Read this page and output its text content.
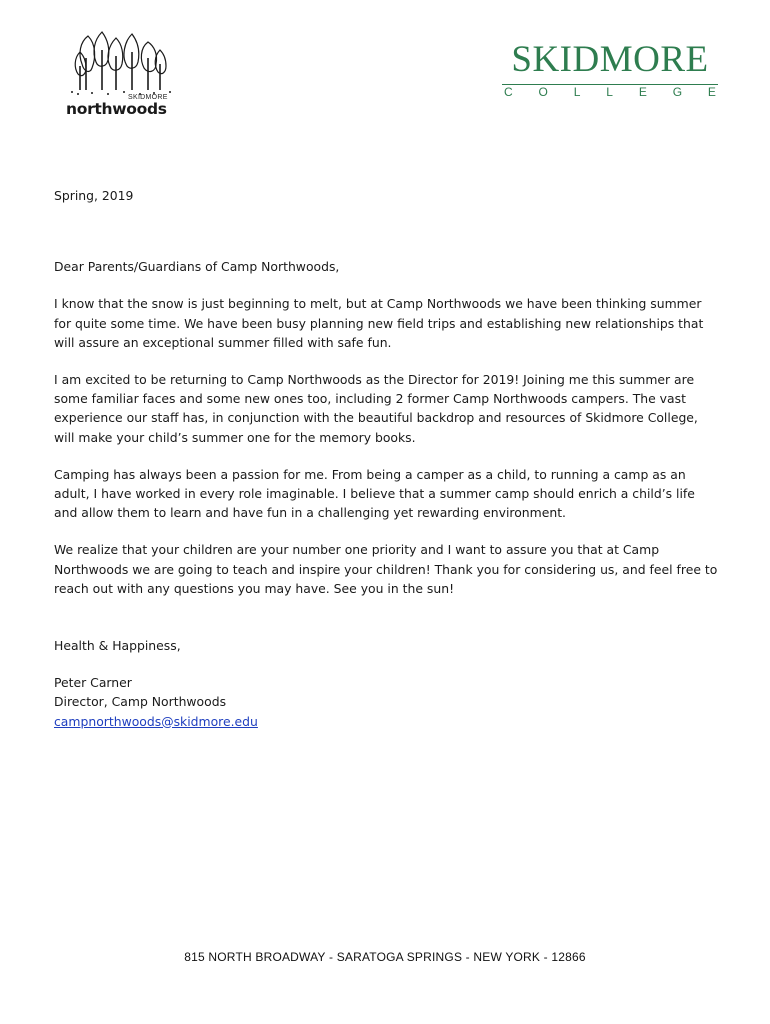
SKIDMORE
northwoods
SKIDMORE
C O L L E G E

Spring, 2019

Dear Parents/Guardians of Camp Northwoods,

I know that the snow is just beginning to melt, but at Camp Northwoods we have been thinking summer for quite some time. We have been busy planning new field trips and establishing new relationships that will assure an exceptional summer filled with safe fun.

I am excited to be returning to Camp Northwoods as the Director for 2019! Joining me this summer are some familiar faces and some new ones too, including 2 former Camp Northwoods campers. The vast experience our staff has, in conjunction with the beautiful backdrop and resources of Skidmore College, will make your child’s summer one for the memory books.

Camping has always been a passion for me. From being a camper as a child, to running a camp as an adult, I have worked in every role imaginable. I believe that a summer camp should enrich a child’s life and allow them to learn and have fun in a challenging yet rewarding environment.

We realize that your children are your number one priority and I want to assure you that at Camp Northwoods we are going to teach and inspire your children! Thank you for considering us, and feel free to reach out with any questions you may have. See you in the sun!

Health & Happiness,

Peter Carner

Director, Camp Northwoods

campnorthwoods@skidmore.edu

815 NORTH BROADWAY - SARATOGA SPRINGS - NEW YORK - 12866
